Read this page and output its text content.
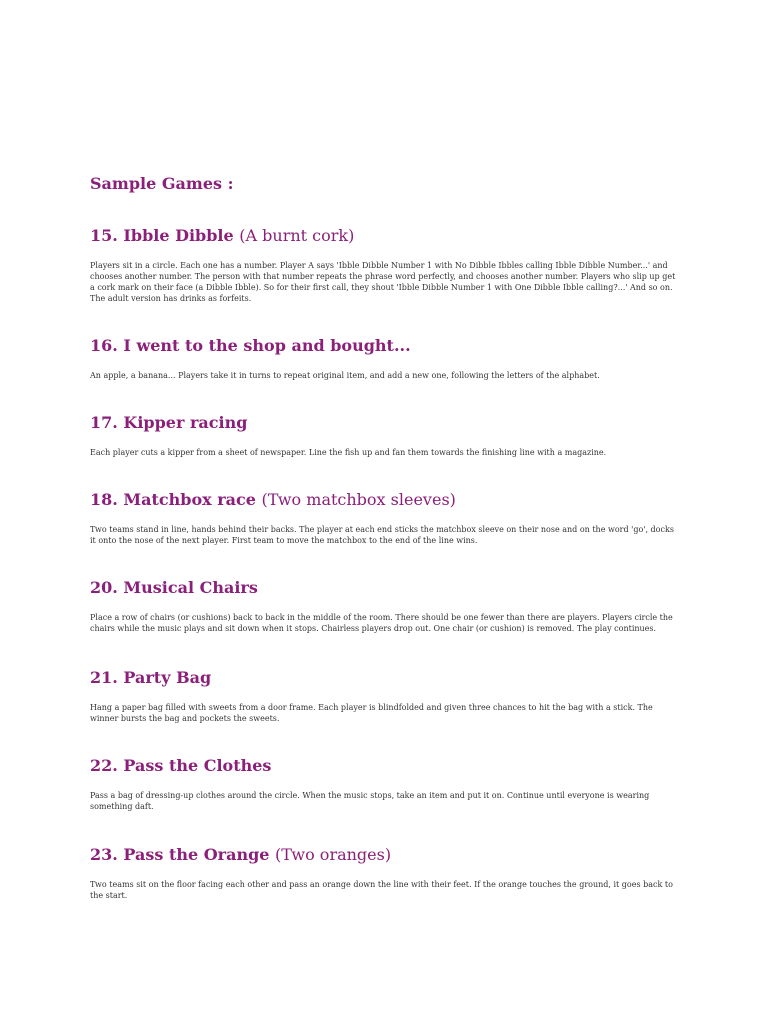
Sample Games :
15. Ibble Dibble (A burnt cork)

Players sit in a circle. Each one has a number. Player A says 'Ibble Dibble Number 1 with No Dibble Ibbles calling Ibble Dibble Number...' and chooses another number. The person with that number repeats the phrase word perfectly, and chooses another number. Players who slip up get a cork mark on their face (a Dibble Ibble). So for their first call, they shout 'Ibble Dibble Number 1 with One Dibble Ibble calling?...' And so on. The adult version has drinks as forfeits.

16. I went to the shop and bought...

An apple, a banana... Players take it in turns to repeat original item, and add a new one, following the letters of the alphabet.

17. Kipper racing

Each player cuts a kipper from a sheet of newspaper. Line the fish up and fan them towards the finishing line with a magazine.

18. Matchbox race (Two matchbox sleeves)

Two teams stand in line, hands behind their backs. The player at each end sticks the matchbox sleeve on their nose and on the word 'go', docks it onto the nose of the next player. First team to move the matchbox to the end of the line wins.

20. Musical Chairs

Place a row of chairs (or cushions) back to back in the middle of the room. There should be one fewer than there are players. Players circle the chairs while the music plays and sit down when it stops. Chairless players drop out. One chair (or cushion) is removed. The play continues.

21. Party Bag

Hang a paper bag filled with sweets from a door frame. Each player is blindfolded and given three chances to hit the bag with a stick. The winner bursts the bag and pockets the sweets.

22. Pass the Clothes

Pass a bag of dressing-up clothes around the circle. When the music stops, take an item and put it on. Continue until everyone is wearing something daft.

23. Pass the Orange (Two oranges)

Two teams sit on the floor facing each other and pass an orange down the line with their feet. If the orange touches the ground, it goes back to the start.
